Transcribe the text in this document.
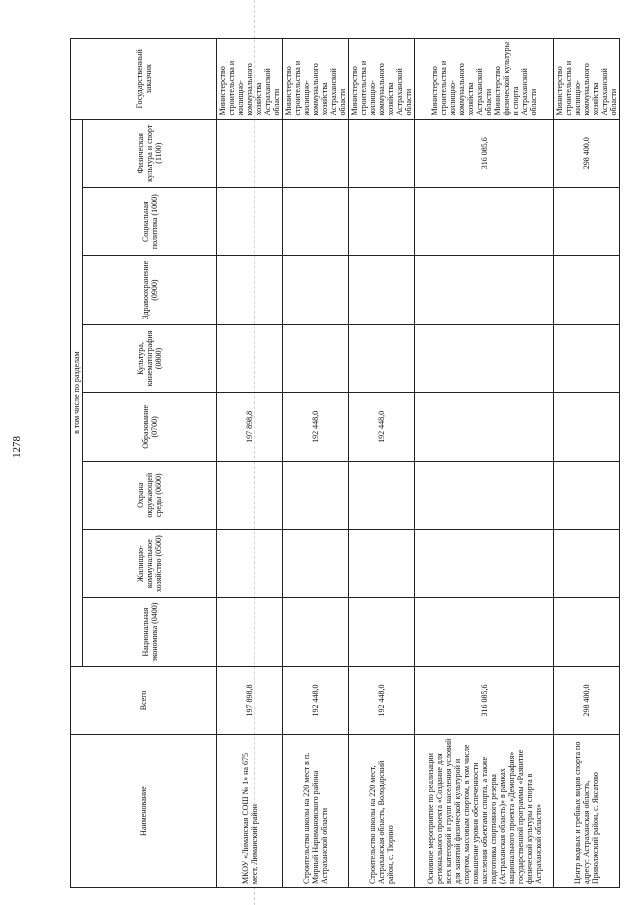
1278
Наименование	Всего	в том числе по разделам								Государственный заказчик
		Национальная экономика (0400)	Жилищно-коммунальное хозяйство (0500)	Охрана окружающей среды (0600)	Образование (0700)	Культура, кинематография (0800)	Здравоохранение (0900)	Социальная политика (1000)	Физическая культура и спорт (1100)	
МКОУ «Лиманская СОШ № 1» на 675 мест, Лиманский район	197 898,8				197 898,8					Министерство строительства и жилищно-коммунального хозяйства Астраханской области
Строительство школы на 220 мест в п. Мирный Наримановского района Астраханской области	192 448,0				192 448,0					Министерство строительства и жилищно-коммунального хозяйства Астраханской области
Строительство школы на 220 мест, Астраханская область, Володарский район, с. Тюрино	192 448,0				192 448,0					Министерство строительства и жилищно-коммунального хозяйства Астраханской области
Основное мероприятие по реализации регионального проекта «Создание для всех категорий и групп населения условий для занятий физической культурой и спортом, массовым спортом, в том числе повышение уровня обеспеченности населения объектами спорта, а также подготовка спортивного резерва (Астраханская область)» в рамках национального проекта «Демография» государственной программы «Развитие физической культуры и спорта в Астраханской области»	316 085,6								316 085,6	Министерство строительства и жилищно-коммунального хозяйства Астраханской области Министерство физической культуры и спорта Астраханской области
Центр водных и гребных видов спорта по адресу: Астраханская область, Приволжский район, с. Яксатово	298 400,0								298 400,0	Министерство строительства и жилищно-коммунального хозяйства Астраханской области
